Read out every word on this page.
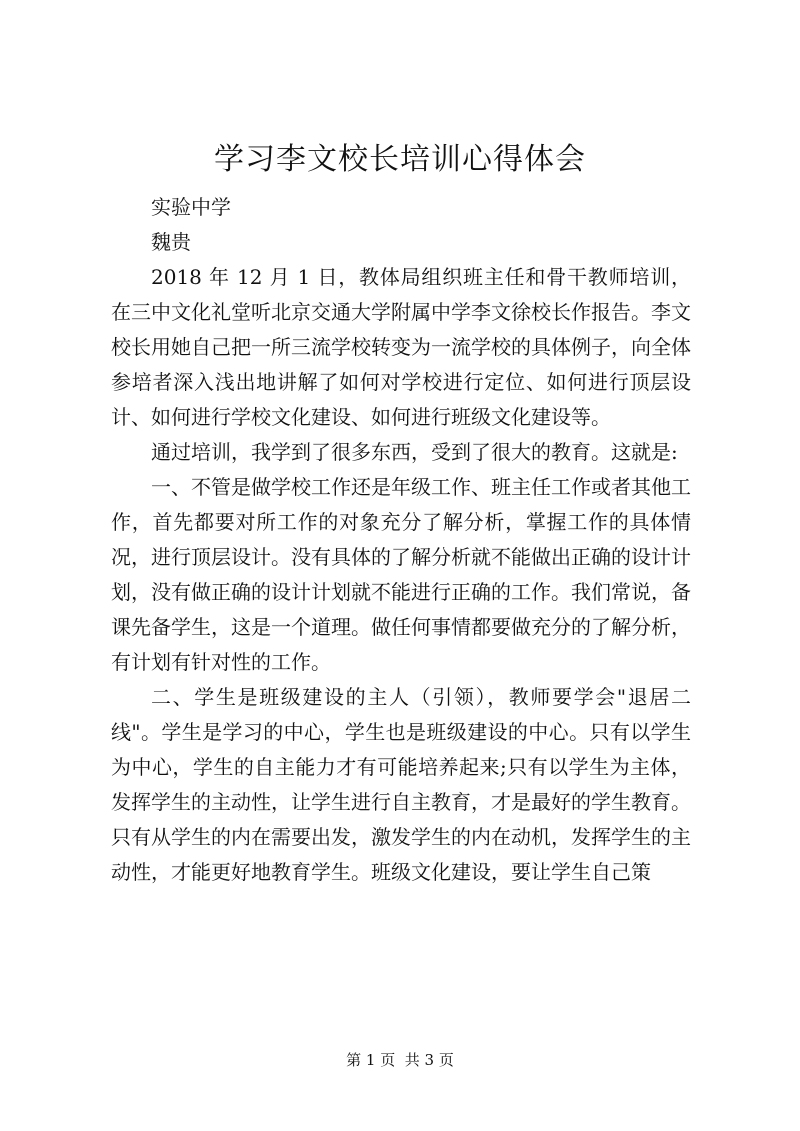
学习李文校长培训心得体会

实验中学

魏贵

2018 年 12 月 1 日，教体局组织班主任和骨干教师培训，在三中文化礼堂听北京交通大学附属中学李文徐校长作报告。李文校长用她自己把一所三流学校转变为一流学校的具体例子，向全体参培者深入浅出地讲解了如何对学校进行定位、如何进行顶层设计、如何进行学校文化建设、如何进行班级文化建设等。

通过培训，我学到了很多东西，受到了很大的教育。这就是:

一、不管是做学校工作还是年级工作、班主任工作或者其他工作，首先都要对所工作的对象充分了解分析，掌握工作的具体情况，进行顶层设计。没有具体的了解分析就不能做出正确的设计计划，没有做正确的设计计划就不能进行正确的工作。我们常说，备课先备学生，这是一个道理。做任何事情都要做充分的了解分析，有计划有针对性的工作。

二、学生是班级建设的主人（引领），教师要学会"退居二线"。学生是学习的中心，学生也是班级建设的中心。只有以学生为中心，学生的自主能力才有可能培养起来;只有以学生为主体，发挥学生的主动性，让学生进行自主教育，才是最好的学生教育。只有从学生的内在需要出发，激发学生的内在动机，发挥学生的主动性，才能更好地教育学生。班级文化建设，要让学生自己策

第 1 页  共 3 页
